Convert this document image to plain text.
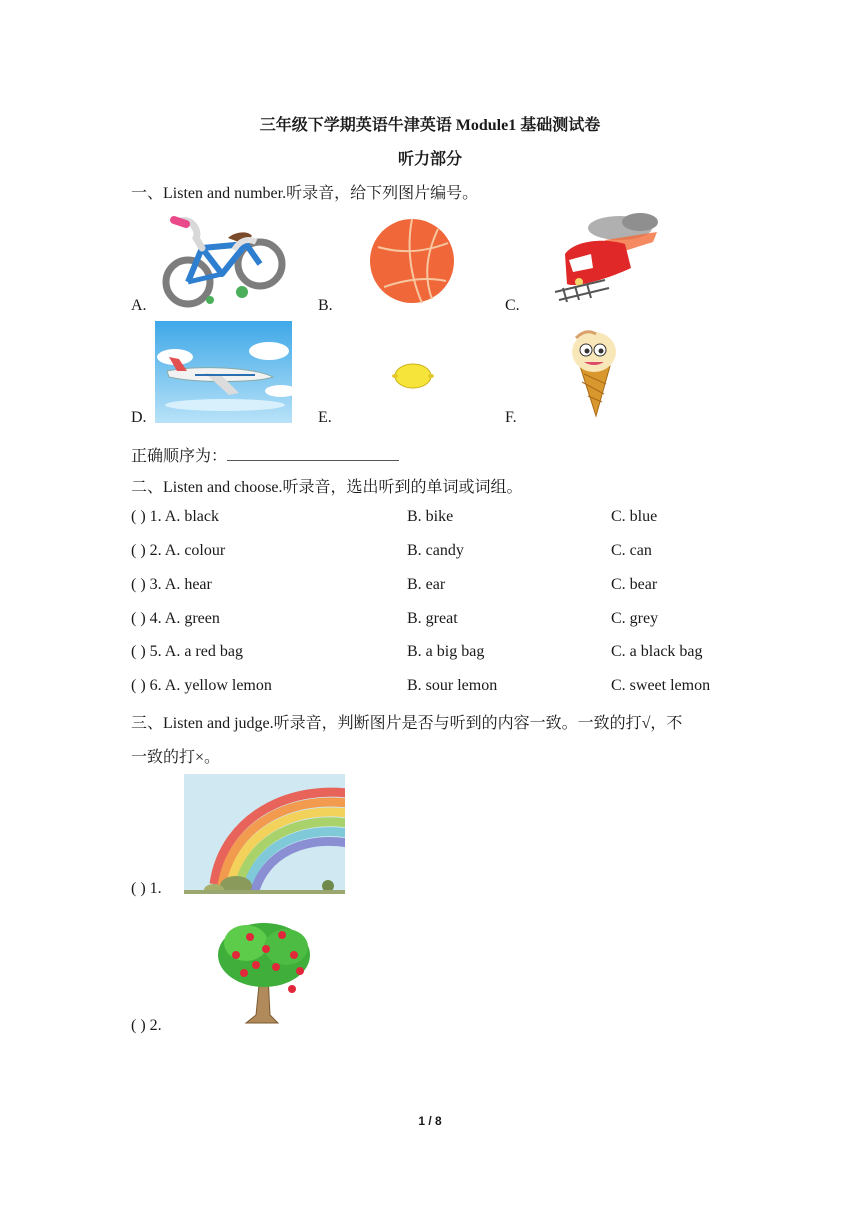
三年级下学期英语牛津英语 Module1 基础测试卷
听力部分
一、Listen and number.听录音，给下列图片编号。
A.	B.	C.
D.	E.	F.
正确顺序为：
二、Listen and choose.听录音，选出听到的单词或词组。
( ) 1. A. black	B. bike	C. blue
( ) 2. A. colour	B. candy	C. can
( ) 3. A. hear	B. ear	C. bear
( ) 4. A. green	B. great	C. grey
( ) 5. A. a red bag	B. a big bag	C. a black bag
( ) 6. A. yellow lemon	B. sour lemon	C. sweet lemon
三、Listen and judge.听录音，判断图片是否与听到的内容一致。一致的打√，不
一致的打×。
( ) 1.
( ) 2.
1 / 8
